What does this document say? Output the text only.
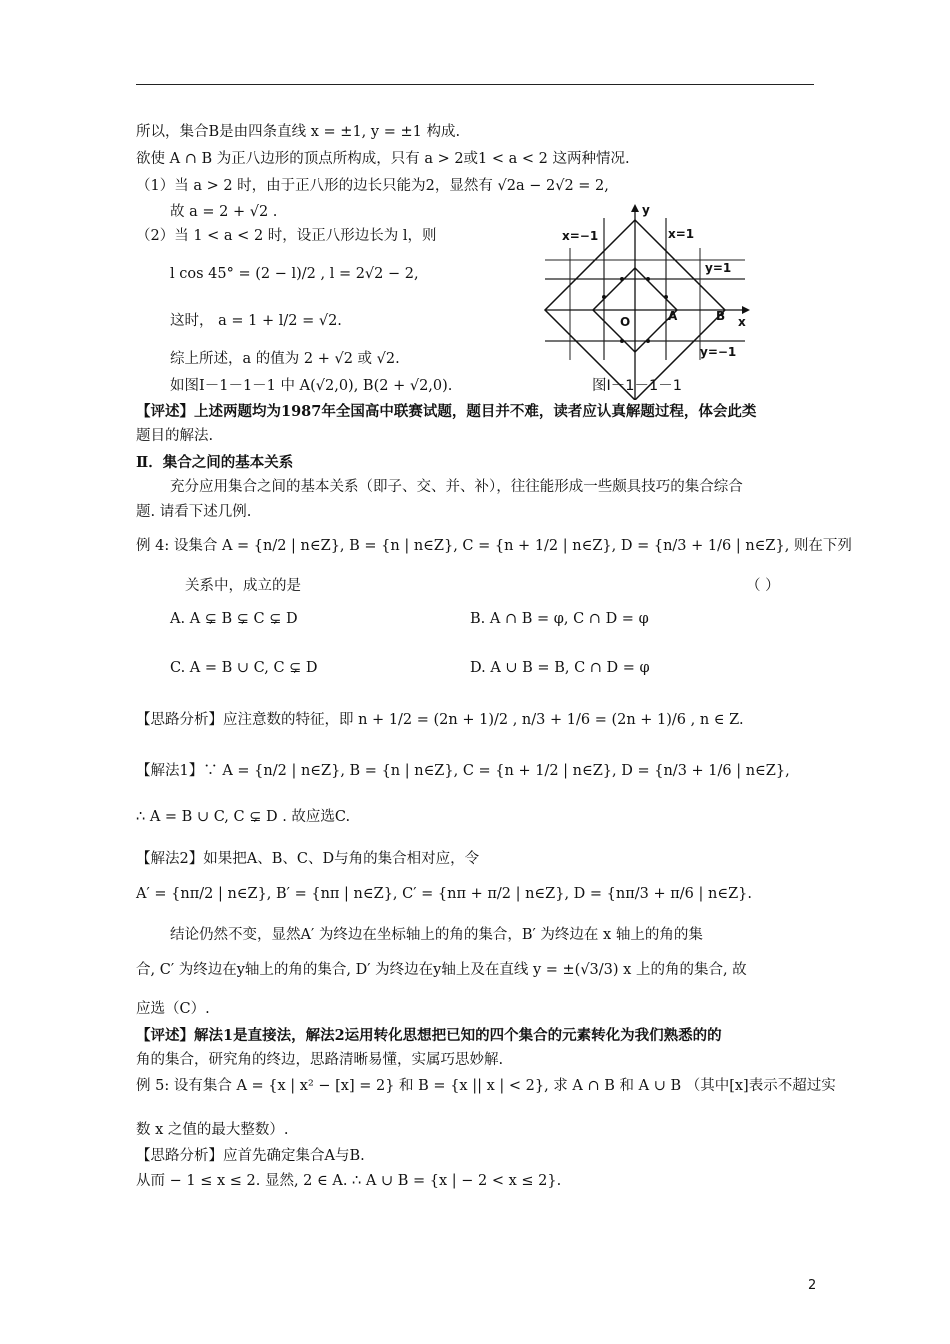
所以，集合B是由四条直线 x = ±1, y = ±1 构成.
欲使 A ∩ B 为正八边形的顶点所构成，只有 a > 2或1 < a < 2 这两种情况.
（1）当 a > 2 时，由于正八形的边长只能为2，显然有 √2a − 2√2 = 2,
故 a = 2 + √2 .
（2）当 1 < a < 2 时，设正八形边长为 l，则
l cos 45° = (2 − l)/2 , l = 2√2 − 2,
这时， a = 1 + l/2 = √2.
综上所述，a 的值为 2 + √2 或 √2.
如图Ⅰ－1－1－1 中 A(√2,0), B(2 + √2,0).
【评述】上述两题均为1987年全国高中联赛试题，题目并不难，读者应认真解题过程，体会此类
题目的解法.
Ⅱ．集合之间的基本关系
充分应用集合之间的基本关系（即子、交、并、补），往往能形成一些颇具技巧的集合综合
题. 请看下述几例.
例 4: 设集合 A = {n/2 | n∈Z}, B = {n | n∈Z}, C = {n + 1/2 | n∈Z}, D = {n/3 + 1/6 | n∈Z}, 则在下列
关系中，成立的是	（ ）
A. A ⊊ B ⊊ C ⊊ D	B. A ∩ B = φ, C ∩ D = φ
C. A = B ∪ C, C ⊊ D	D. A ∪ B = B, C ∩ D = φ
【思路分析】应注意数的特征，即 n + 1/2 = (2n + 1)/2 , n/3 + 1/6 = (2n + 1)/6 , n ∈ Z.
【解法1】∵ A = {n/2 | n∈Z}, B = {n | n∈Z}, C = {n + 1/2 | n∈Z}, D = {n/3 + 1/6 | n∈Z},
∴ A = B ∪ C, C ⊊ D . 故应选C.
【解法2】如果把A、B、C、D与角的集合相对应，令
A′ = {nπ/2 | n∈Z}, B′ = {nπ | n∈Z}, C′ = {nπ + π/2 | n∈Z}, D = {nπ/3 + π/6 | n∈Z}.
结论仍然不变，显然A′ 为终边在坐标轴上的角的集合，B′ 为终边在 x 轴上的角的集
合, C′ 为终边在y轴上的角的集合, D′ 为终边在y轴上及在直线 y = ±(√3/3) x 上的角的集合, 故
应选（C）.
【评述】解法1是直接法，解法2运用转化思想把已知的四个集合的元素转化为我们熟悉的的
角的集合，研究角的终边，思路清晰易懂，实属巧思妙解.
例 5: 设有集合 A = {x | x² − [x] = 2} 和 B = {x || x | < 2}, 求 A ∩ B 和 A ∪ B （其中[x]表示不超过实
数 x 之值的最大整数）.
【思路分析】应首先确定集合A与B.
从而 − 1 ≤ x ≤ 2. 显然, 2 ∈ A. ∴ A ∪ B = {x | − 2 < x ≤ 2}.
x=−1	x=1
y=1
y=−1
y
x
O	A	B
图Ⅰ－1－1－1
2
